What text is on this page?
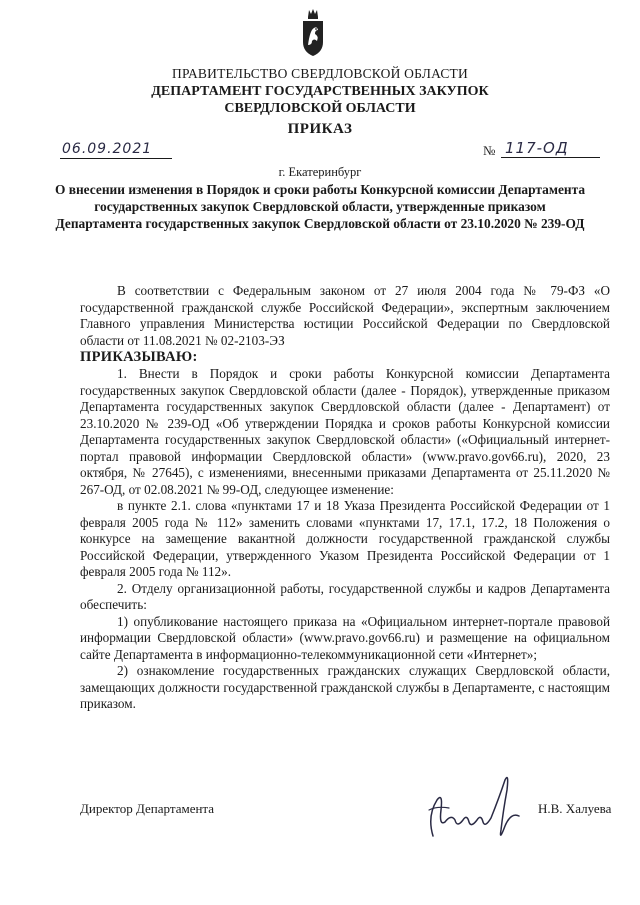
ПРАВИТЕЛЬСТВО СВЕРДЛОВСКОЙ ОБЛАСТИ
ДЕПАРТАМЕНТ ГОСУДАРСТВЕННЫХ ЗАКУПОК
СВЕРДЛОВСКОЙ ОБЛАСТИ
ПРИКАЗ
06.09.2021	№ 117-ОД
г. Екатеринбург
О внесении изменения в Порядок и сроки работы Конкурсной комиссии Департамента государственных закупок Свердловской области, утвержденные приказом Департамента государственных закупок Свердловской области от 23.10.2020 № 239-ОД

В соответствии с Федеральным законом от 27 июля 2004 года № 79-ФЗ «О государственной гражданской службе Российской Федерации», экспертным заключением Главного управления Министерства юстиции Российской Федерации по Свердловской области от 11.08.2021 № 02-2103-ЭЗ

ПРИКАЗЫВАЮ:

1. Внести в Порядок и сроки работы Конкурсной комиссии Департамента государственных закупок Свердловской области (далее - Порядок), утвержденные приказом Департамента государственных закупок Свердловской области (далее - Департамент) от 23.10.2020 № 239-ОД «Об утверждении Порядка и сроков работы Конкурсной комиссии Департамента государственных закупок Свердловской области» («Официальный интернет-портал правовой информации Свердловской области» (www.pravo.gov66.ru), 2020, 23 октября, № 27645), с изменениями, внесенными приказами Департамента от 25.11.2020 № 267-ОД, от 02.08.2021 № 99-ОД, следующее изменение:

в пункте 2.1. слова «пунктами 17 и 18 Указа Президента Российской Федерации от 1 февраля 2005 года № 112» заменить словами «пунктами 17, 17.1, 17.2, 18 Положения о конкурсе на замещение вакантной должности государственной гражданской службы Российской Федерации, утвержденного Указом Президента Российской Федерации от 1 февраля 2005 года № 112».

2. Отделу организационной работы, государственной службы и кадров Департамента обеспечить:

1) опубликование настоящего приказа на «Официальном интернет-портале правовой информации Свердловской области» (www.pravo.gov66.ru) и размещение на официальном сайте Департамента в информационно-телекоммуникационной сети «Интернет»;

2) ознакомление государственных гражданских служащих Свердловской области, замещающих должности государственной гражданской службы в Департаменте, с настоящим приказом.

Директор Департамента	Н.В. Халуева
